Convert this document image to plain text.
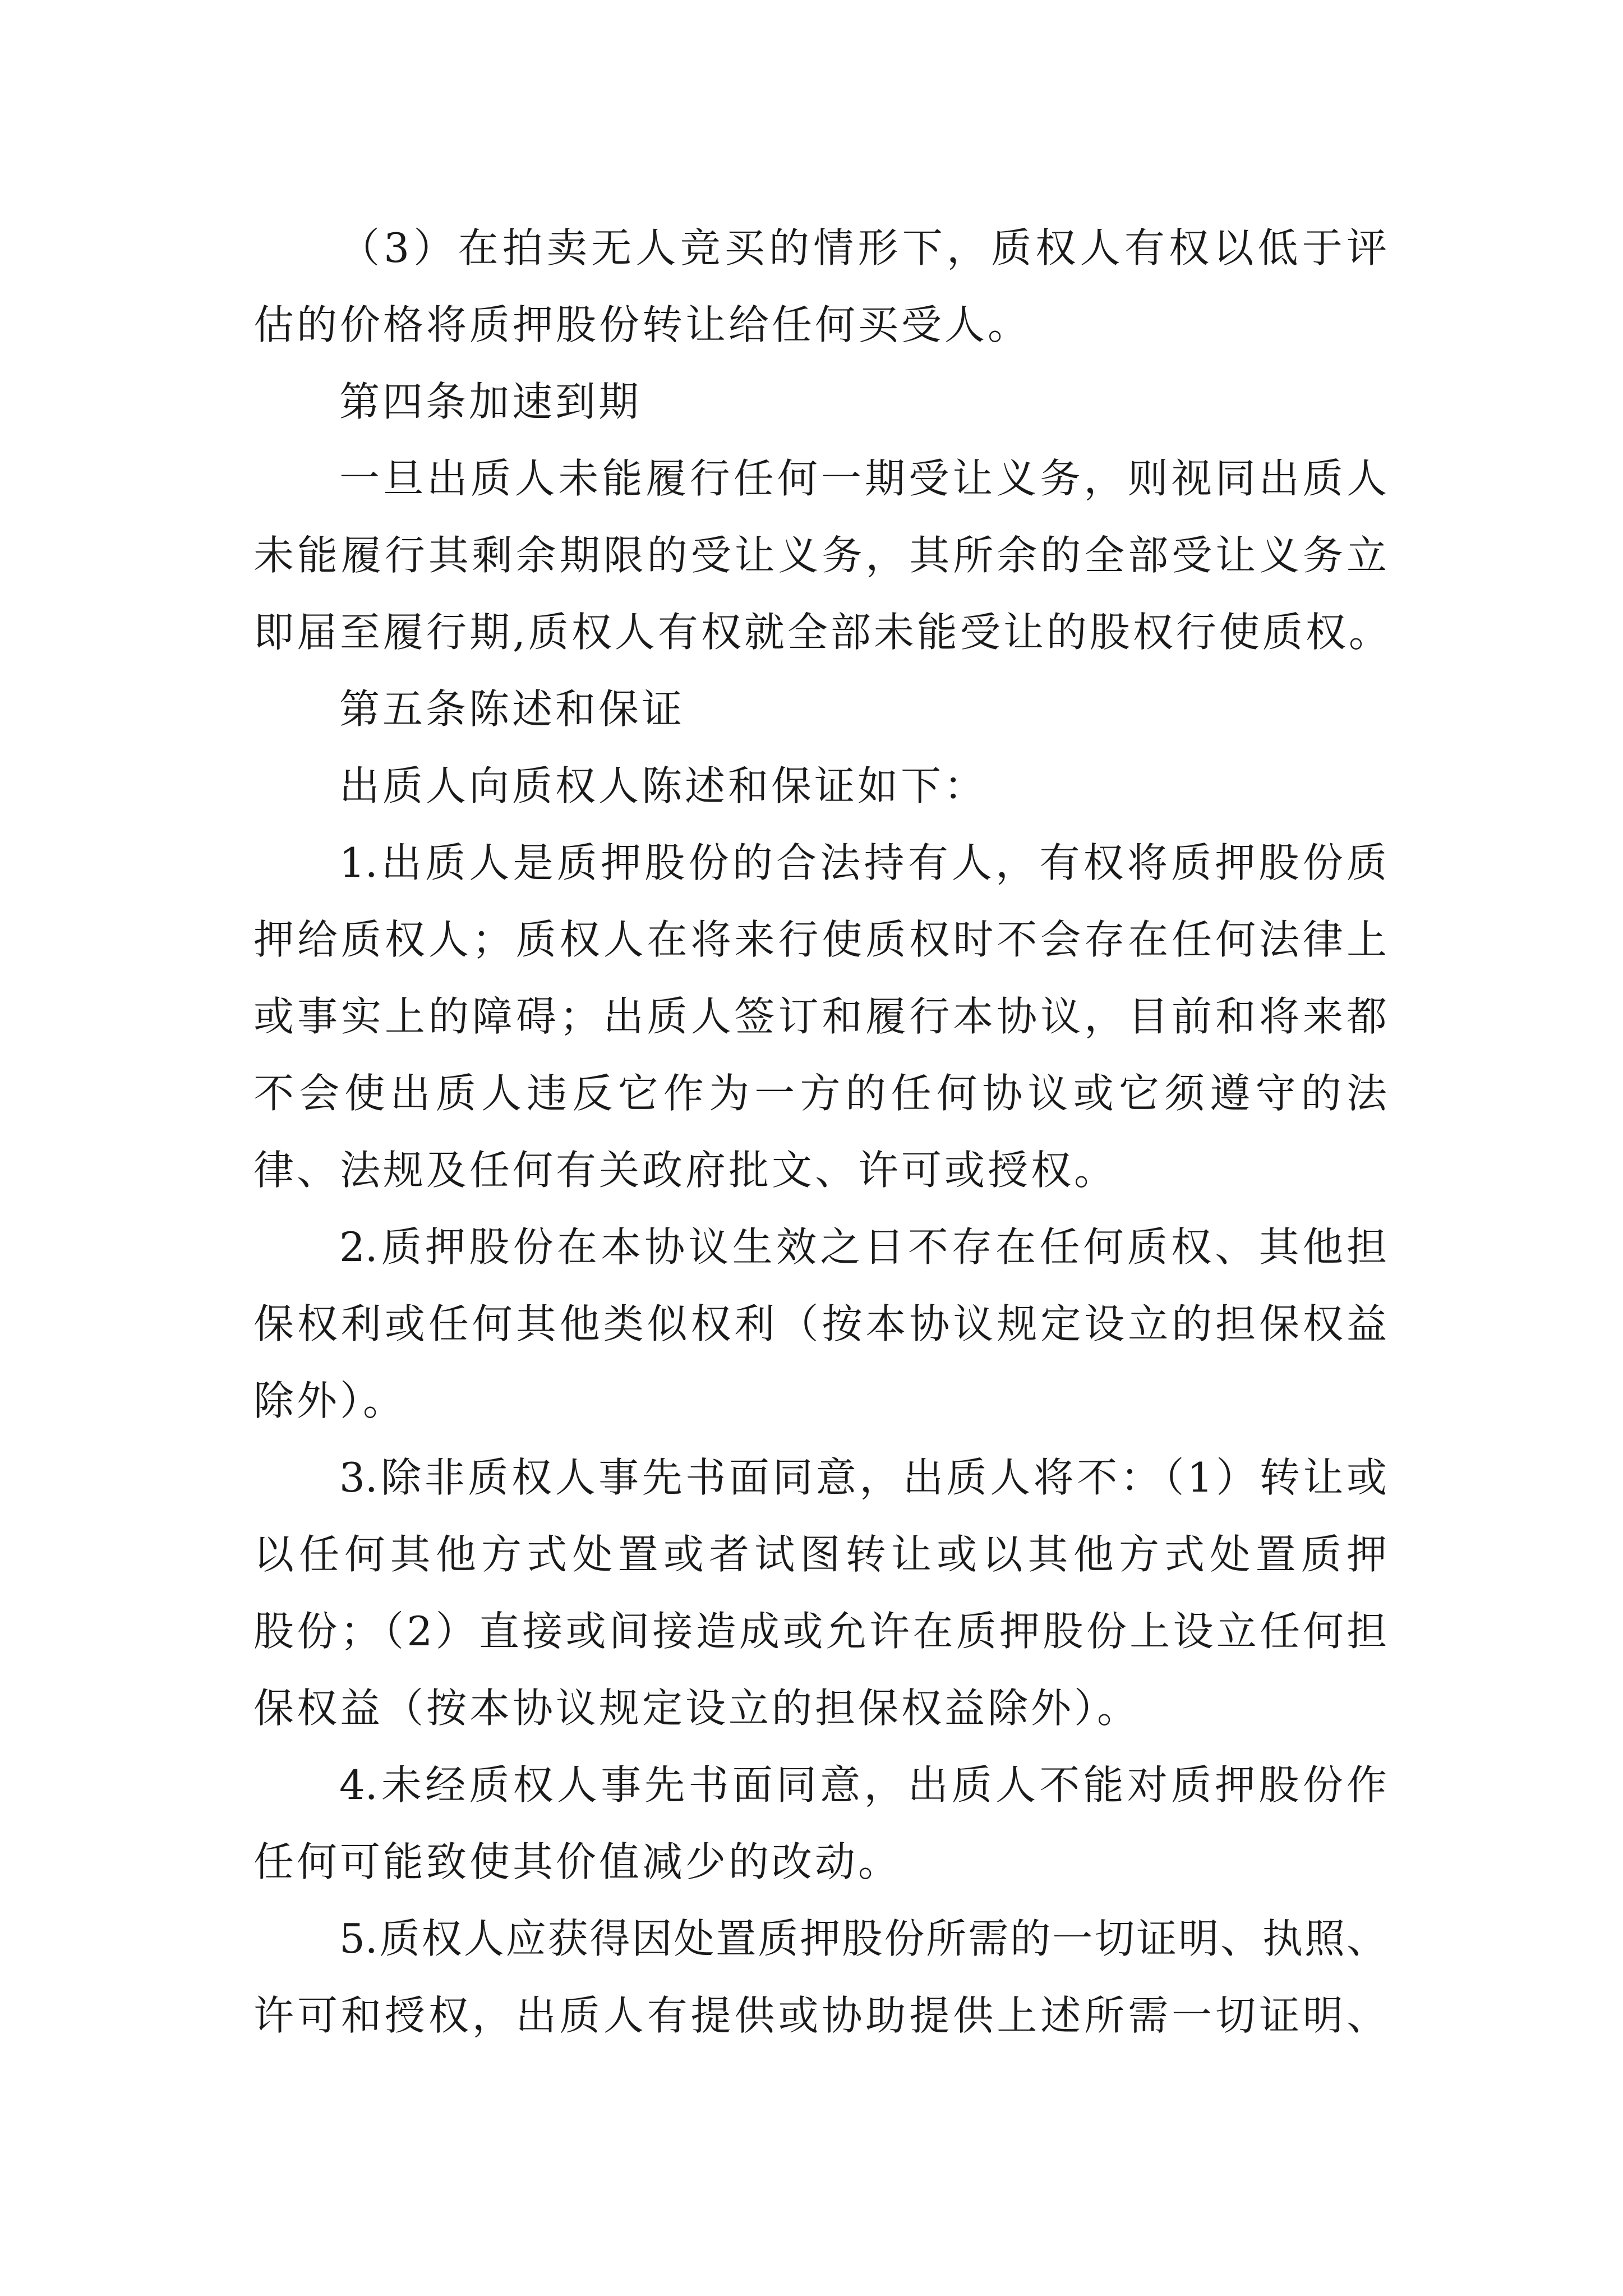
（3）在拍卖无人竞买的情形下，质权人有权以低于评
估的价格将质押股份转让给任何买受人。
第四条加速到期
一旦出质人未能履行任何一期受让义务，则视同出质人
未能履行其剩余期限的受让义务，其所余的全部受让义务立
即届至履行期,质权人有权就全部未能受让的股权行使质权。
第五条陈述和保证
出质人向质权人陈述和保证如下：
1.出质人是质押股份的合法持有人，有权将质押股份质
押给质权人；质权人在将来行使质权时不会存在任何法律上
或事实上的障碍；出质人签订和履行本协议，目前和将来都
不会使出质人违反它作为一方的任何协议或它须遵守的法
律、法规及任何有关政府批文、许可或授权。
2.质押股份在本协议生效之日不存在任何质权、其他担
保权利或任何其他类似权利（按本协议规定设立的担保权益
除外）。
3.除非质权人事先书面同意，出质人将不：（1）转让或
以任何其他方式处置或者试图转让或以其他方式处置质押
股份；（2）直接或间接造成或允许在质押股份上设立任何担
保权益（按本协议规定设立的担保权益除外）。
4.未经质权人事先书面同意，出质人不能对质押股份作
任何可能致使其价值减少的改动。
5.质权人应获得因处置质押股份所需的一切证明、执照、
许可和授权，出质人有提供或协助提供上述所需一切证明、
